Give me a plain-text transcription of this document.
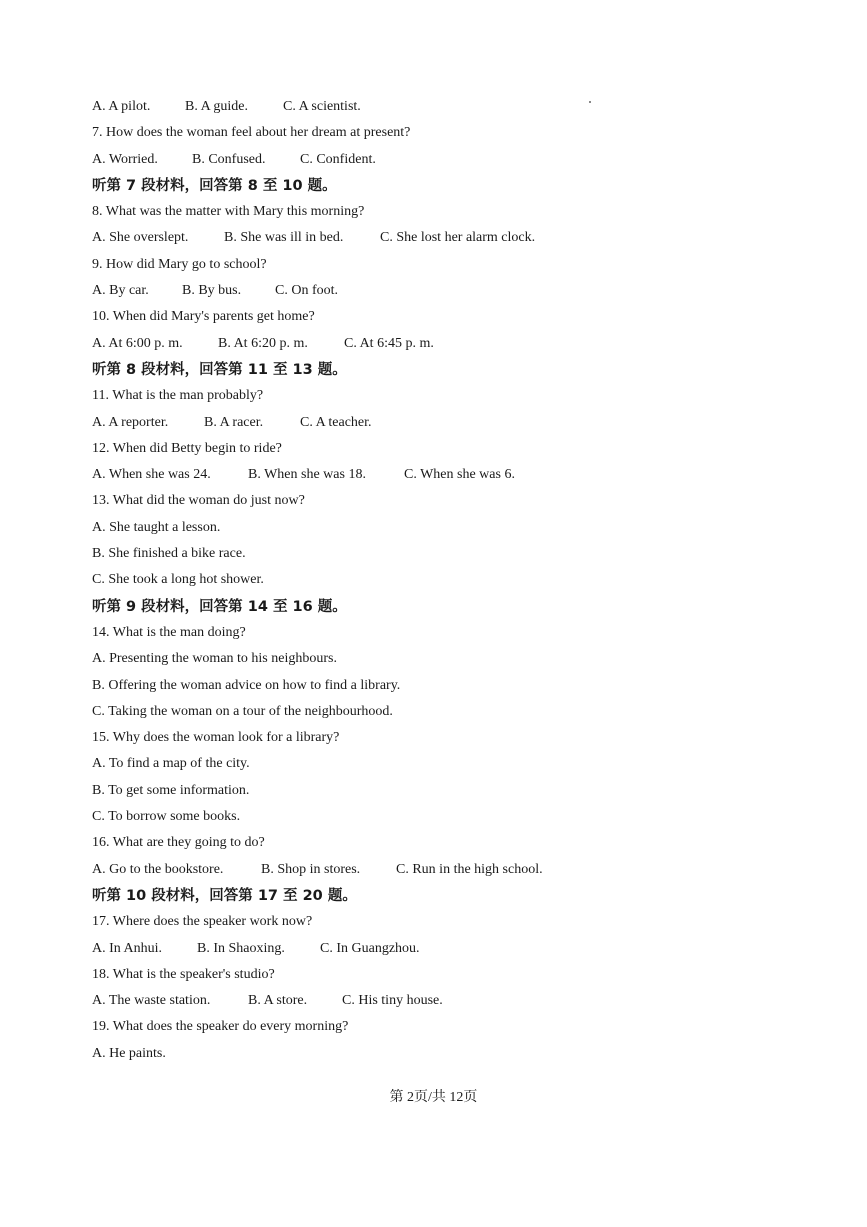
A. A pilot. B. A guide. C. A scientist.
7. How does the woman feel about her dream at present?
A. Worried. B. Confused. C. Confident.
听第 7 段材料，回答第 8 至 10 题。
8. What was the matter with Mary this morning?
A. She overslept.	B. She was ill in bed.	C. She lost her alarm clock.
9. How did Mary go to school?
A. By car. B. By bus. C. On foot.
10. When did Mary's parents get home?
A. At 6:00 p. m.	B. At 6:20 p. m.	C. At 6:45 p. m.
听第 8 段材料，回答第 11 至 13 题。
11. What is the man probably?
A. A reporter.	B. A racer.	C. A teacher.
12. When did Betty begin to ride?
A. When she was 24.	B. When she was 18.	C. When she was 6.
13. What did the woman do just now?
A. She taught a lesson.
B. She finished a bike race.
C. She took a long hot shower.
听第 9 段材料，回答第 14 至 16 题。
14. What is the man doing?
A. Presenting the woman to his neighbours.
B. Offering the woman advice on how to find a library.
C. Taking the woman on a tour of the neighbourhood.
15. Why does the woman look for a library?
A. To find a map of the city.
B. To get some information.
C. To borrow some books.
16. What are they going to do?
A. Go to the bookstore.	B. Shop in stores.	C. Run in the high school.
听第 10 段材料，回答第 17 至 20 题。
17. Where does the speaker work now?
A. In Anhui.	B. In Shaoxing.	C. In Guangzhou.
18. What is the speaker's studio?
A. The waste station.	B. A store. C. His tiny house.
19. What does the speaker do every morning?
A. He paints.
第 2页/共 12页
